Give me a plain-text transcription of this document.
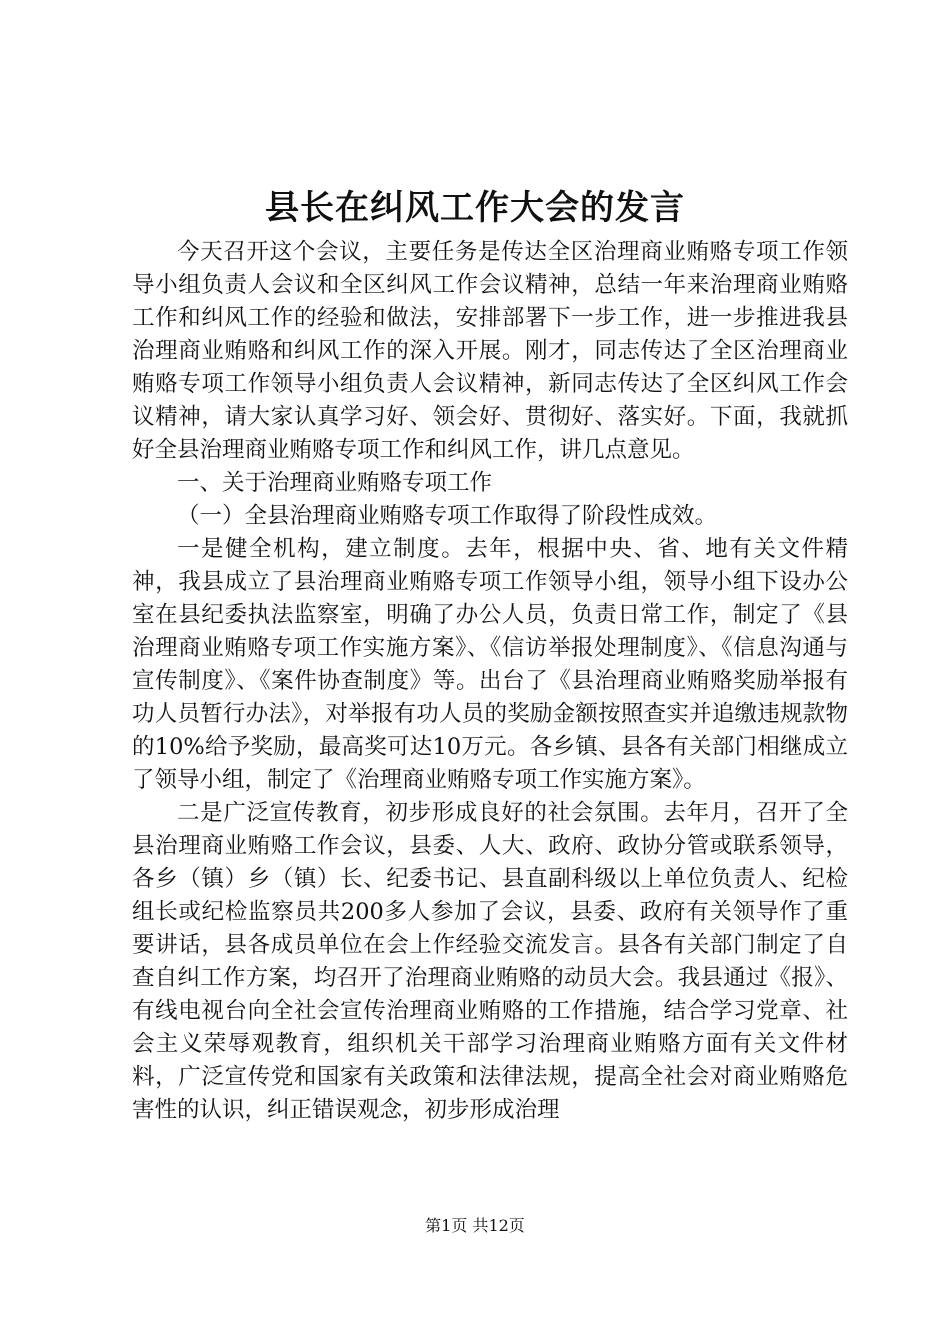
县长在纠风工作大会的发言

今天召开这个会议，主要任务是传达全区治理商业贿赂专项工作领导小组负责人会议和全区纠风工作会议精神，总结一年来治理商业贿赂工作和纠风工作的经验和做法，安排部署下一步工作，进一步推进我县治理商业贿赂和纠风工作的深入开展。刚才，同志传达了全区治理商业贿赂专项工作领导小组负责人会议精神，新同志传达了全区纠风工作会议精神，请大家认真学习好、领会好、贯彻好、落实好。下面，我就抓好全县治理商业贿赂专项工作和纠风工作，讲几点意见。

一、关于治理商业贿赂专项工作

（一）全县治理商业贿赂专项工作取得了阶段性成效。

一是健全机构，建立制度。去年，根据中央、省、地有关文件精神，我县成立了县治理商业贿赂专项工作领导小组，领导小组下设办公室在县纪委执法监察室，明确了办公人员，负责日常工作，制定了《县治理商业贿赂专项工作实施方案》、《信访举报处理制度》、《信息沟通与宣传制度》、《案件协查制度》等。出台了《县治理商业贿赂奖励举报有功人员暂行办法》，对举报有功人员的奖励金额按照查实并追缴违规款物的10%给予奖励，最高奖可达10万元。各乡镇、县各有关部门相继成立了领导小组，制定了《治理商业贿赂专项工作实施方案》。

二是广泛宣传教育，初步形成良好的社会氛围。去年月，召开了全县治理商业贿赂工作会议，县委、人大、政府、政协分管或联系领导，各乡（镇）乡（镇）长、纪委书记、县直副科级以上单位负责人、纪检组长或纪检监察员共200多人参加了会议，县委、政府有关领导作了重要讲话，县各成员单位在会上作经验交流发言。县各有关部门制定了自查自纠工作方案，均召开了治理商业贿赂的动员大会。我县通过《报》、有线电视台向全社会宣传治理商业贿赂的工作措施，结合学习党章、社会主义荣辱观教育，组织机关干部学习治理商业贿赂方面有关文件材料，广泛宣传党和国家有关政策和法律法规，提高全社会对商业贿赂危害性的认识，纠正错误观念，初步形成治理

第1页 共12页
